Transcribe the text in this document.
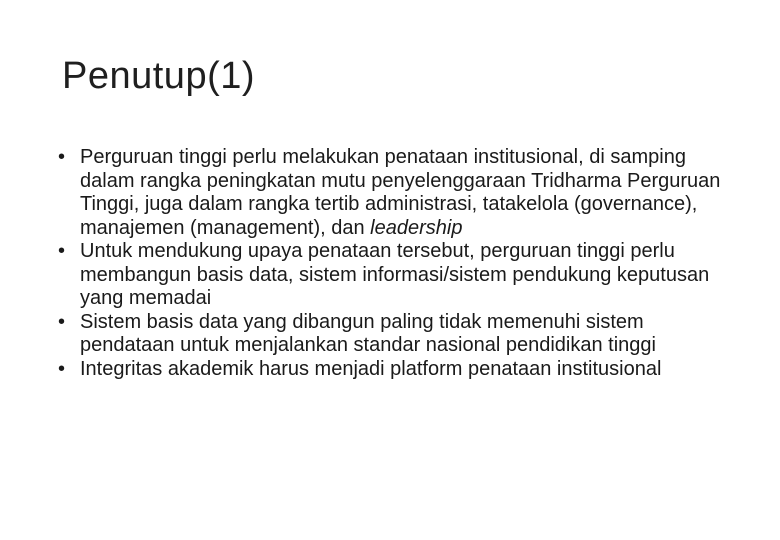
Penutup(1)
• Perguruan tinggi perlu melakukan penataan institusional, di samping dalam rangka peningkatan mutu penyelenggaraan Tridharma Perguruan Tinggi, juga dalam rangka tertib administrasi, tatakelola (governance), manajemen (management), dan leadership
• Untuk mendukung upaya penataan tersebut, perguruan tinggi perlu membangun basis data, sistem informasi/sistem pendukung keputusan yang memadai
• Sistem basis data yang dibangun paling tidak memenuhi sistem pendataan untuk menjalankan standar nasional pendidikan tinggi
• Integritas akademik harus menjadi platform penataan institusional
